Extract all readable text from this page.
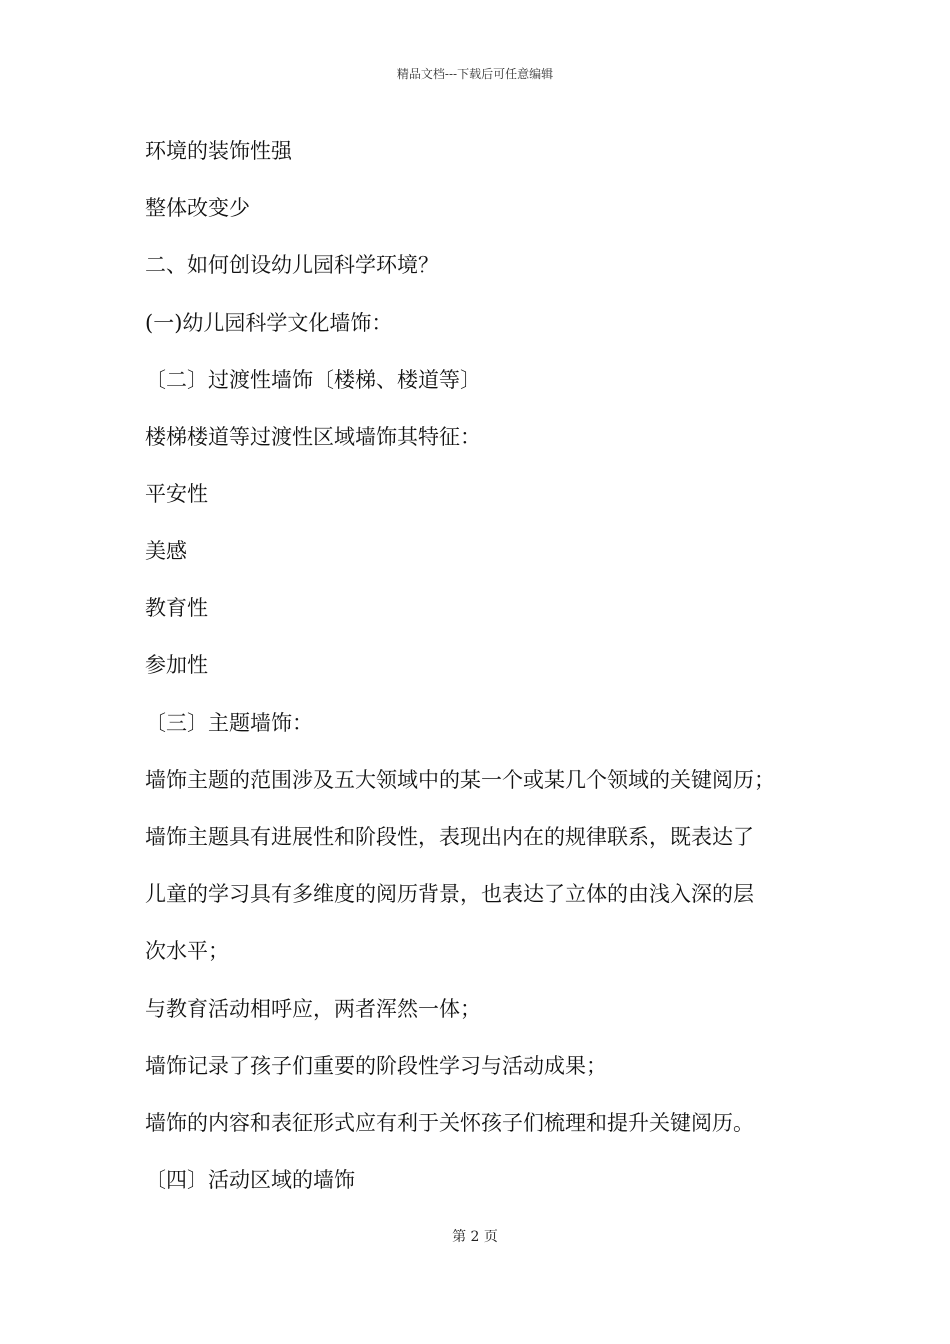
精品文档---下载后可任意编辑
环境的装饰性强
整体改变少
二、如何创设幼儿园科学环境？
(一)幼儿园科学文化墙饰：
〔二〕过渡性墙饰〔楼梯、楼道等〕
楼梯楼道等过渡性区域墙饰其特征：
平安性
美感
教育性
参加性
〔三〕主题墙饰：
墙饰主题的范围涉及五大领域中的某一个或某几个领域的关键阅历；
墙饰主题具有进展性和阶段性，表现出内在的规律联系，既表达了
儿童的学习具有多维度的阅历背景，也表达了立体的由浅入深的层
次水平；
与教育活动相呼应，两者浑然一体；
墙饰记录了孩子们重要的阶段性学习与活动成果；
墙饰的内容和表征形式应有利于关怀孩子们梳理和提升关键阅历。
〔四〕活动区域的墙饰
第 2 页
